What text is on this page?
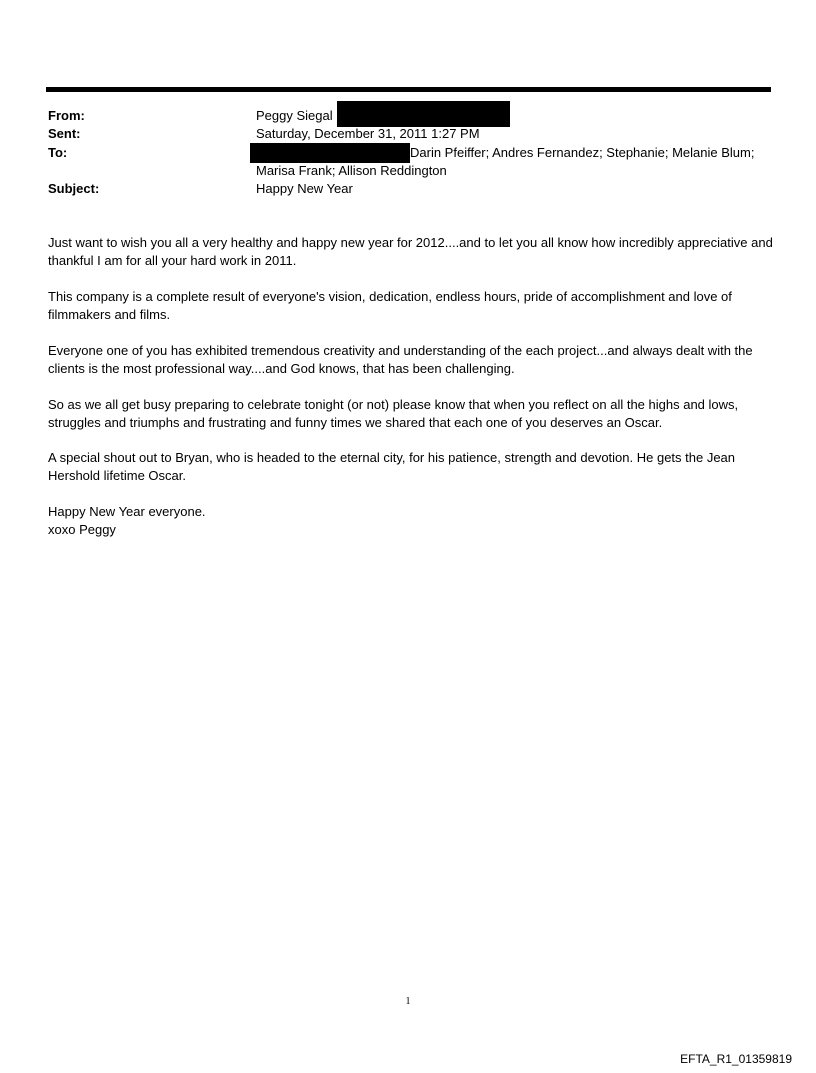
From:	Peggy Siegal
Sent:	Saturday, December 31, 2011 1:27 PM
To:	Darin Pfeiffer; Andres Fernandez; Stephanie; Melanie Blum;
Marisa Frank; Allison Reddington
Subject:	Happy New Year

Just want to wish you all a very healthy and happy new year for 2012....and to let you all know how incredibly appreciative and thankful I am for all your hard work in 2011.

This company is a complete result of everyone's vision, dedication, endless hours, pride of accomplishment and love of filmmakers and films.

Everyone one of you has exhibited tremendous creativity and understanding of the each project...and always dealt with the clients is the most professional way....and God knows, that has been challenging.

So as we all get busy preparing to celebrate tonight (or not) please know that when you reflect on all the highs and lows, struggles and triumphs and frustrating and funny times we shared that each one of you deserves an Oscar.

A special shout out to Bryan, who is headed to the eternal city, for his patience, strength and devotion. He gets the Jean Hershold lifetime Oscar.

Happy New Year everyone.

xoxo Peggy

1
EFTA_R1_01359819
